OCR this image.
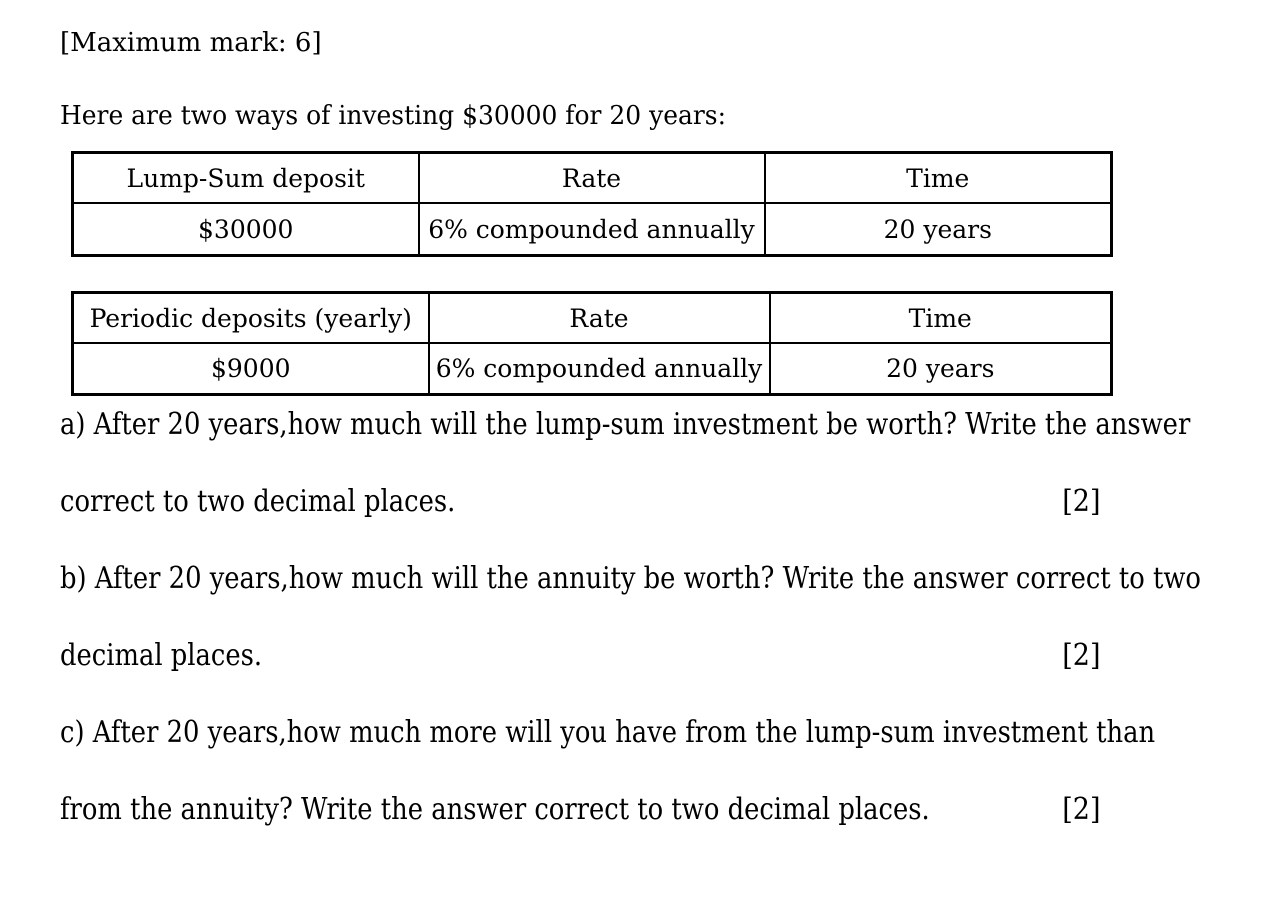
[Maximum mark: 6]
Here are two ways of investing $30000 for 20 years:
Lump-Sum deposit	Rate	Time
$30000	6% compounded annually	20 years
Periodic deposits (yearly)	Rate	Time
$9000	6% compounded annually	20 years
a) After 20 years,how much will the lump-sum investment be worth? Write the answer
correct to two decimal places.	[2]
b) After 20 years,how much will the annuity be worth? Write the answer correct to two
decimal places.	[2]
c) After 20 years,how much more will you have from the lump-sum investment than
from the annuity? Write the answer correct to two decimal places.	[2]
